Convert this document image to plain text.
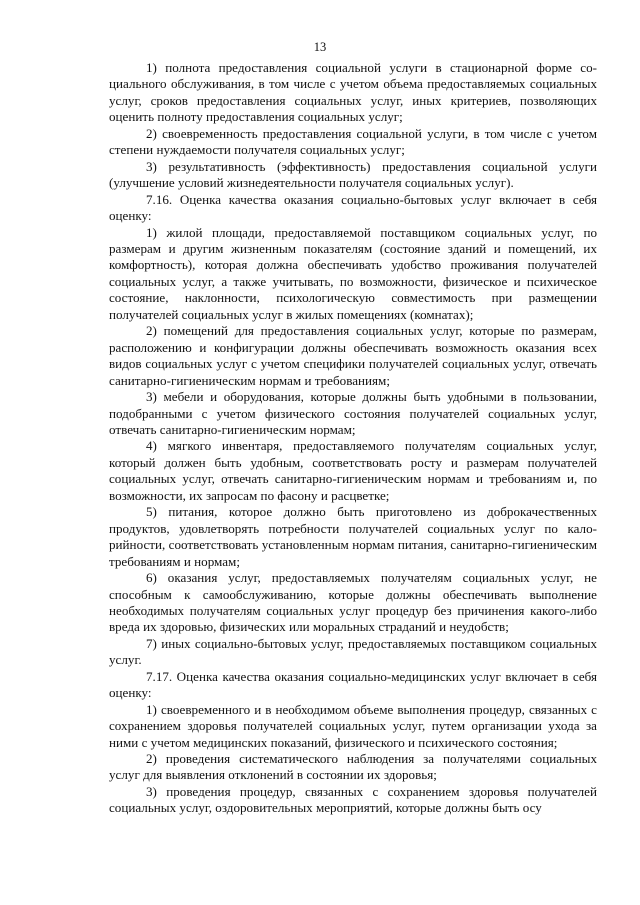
13

1) полнота предоставления социальной услуги в стационарной форме социального обслуживания, в том числе с учетом объема предоставляемых социальных услуг, сроков предоставления социальных услуг, иных критериев, позволяющих оценить полноту предоставления социальных услуг;

2) своевременность предоставления социальной услуги, в том числе с учетом степени нуждаемости получателя социальных услуг;

3) результативность (эффективность) предоставления социальной услуги (улучшение условий жизнедеятельности получателя социальных услуг).

7.16. Оценка качества оказания социально-бытовых услуг включает в себя оценку:

1) жилой площади, предоставляемой поставщиком социальных услуг, по размерам и другим жизненным показателям (состояние зданий и помещений, их комфортность), которая должна обеспечивать удобство проживания получателей социальных услуг, а также учитывать, по возможности, физическое и психическое состояние, наклонности, психологическую совместимость при размещении получателей социальных услуг в жилых помещениях (комнатах);

2) помещений для предоставления социальных услуг, которые по размерам, расположению и конфигурации должны обеспечивать возможность оказания всех видов социальных услуг с учетом специфики получателей социальных услуг, отвечать санитарно-гигиеническим нормам и требованиям;

3) мебели и оборудования, которые должны быть удобными в пользовании, подобранными с учетом физического состояния получателей социальных услуг, отвечать санитарно-гигиеническим нормам;

4) мягкого инвентаря, предоставляемого получателям социальных услуг, который должен быть удобным, соответствовать росту и размерам получателей социальных услуг, отвечать санитарно-гигиеническим нормам и требованиям и, по возможности, их запросам по фасону и расцветке;

5) питания, которое должно быть приготовлено из доброкачественных продуктов, удовлетворять потребности получателей социальных услуг по калорийности, соответствовать установленным нормам питания, санитарно-гигиеническим требованиям и нормам;

6) оказания услуг, предоставляемых получателям социальных услуг, не способным к самообслуживанию, которые должны обеспечивать выполнение необходимых получателям социальных услуг процедур без причинения какого-либо вреда их здоровью, физических или моральных страданий и неудобств;

7) иных социально-бытовых услуг, предоставляемых поставщиком социальных услуг.

7.17. Оценка качества оказания социально-медицинских услуг включает в себя оценку:

1) своевременного и в необходимом объеме выполнения процедур, связанных с сохранением здоровья получателей социальных услуг, путем организации ухода за ними с учетом медицинских показаний, физического и психического состояния;

2) проведения систематического наблюдения за получателями социальных услуг для выявления отклонений в состоянии их здоровья;

3) проведения процедур, связанных с сохранением здоровья получателей социальных услуг, оздоровительных мероприятий, которые должны быть осу
